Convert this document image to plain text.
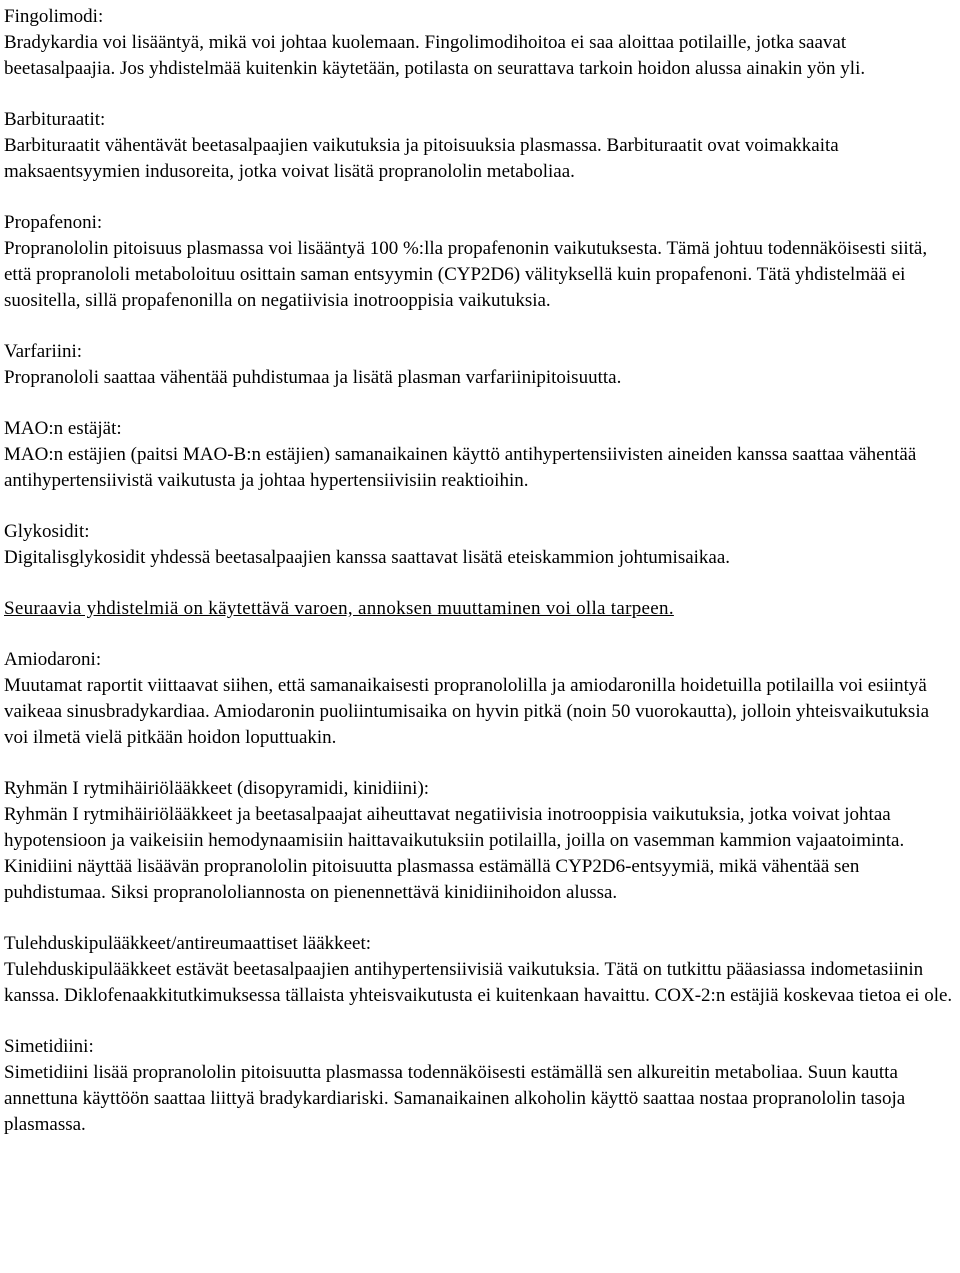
Fingolimodi:
Bradykardia voi lisääntyä, mikä voi johtaa kuolemaan. Fingolimodihoitoa ei saa aloittaa potilaille, jotka saavat beetasalpaajia. Jos yhdistelmää kuitenkin käytetään, potilasta on seurattava tarkoin hoidon alussa ainakin yön yli.
Barbituraatit:
Barbituraatit vähentävät beetasalpaajien vaikutuksia ja pitoisuuksia plasmassa. Barbituraatit ovat voimakkaita maksaentsyymien indusoreita, jotka voivat lisätä propranololin metaboliaa.
Propafenoni:
Propranololin pitoisuus plasmassa voi lisääntyä 100 %:lla propafenonin vaikutuksesta. Tämä johtuu todennäköisesti siitä, että propranololi metaboloituu osittain saman entsyymin (CYP2D6) välityksellä kuin propafenoni. Tätä yhdistelmää ei suositella, sillä propafenonilla on negatiivisia inotrooppisia vaikutuksia.
Varfariini:
Propranololi saattaa vähentää puhdistumaa ja lisätä plasman varfariinipitoisuutta.
MAO:n estäjät:
MAO:n estäjien (paitsi MAO-B:n estäjien) samanaikainen käyttö antihypertensiivisten aineiden kanssa saattaa vähentää antihypertensiivistä vaikutusta ja johtaa hypertensiivisiin reaktioihin.
Glykosidit:
Digitalisglykosidit yhdessä beetasalpaajien kanssa saattavat lisätä eteiskammion johtumisaikaa.
Seuraavia yhdistelmiä on käytettävä varoen, annoksen muuttaminen voi olla tarpeen.
Amiodaroni:
Muutamat raportit viittaavat siihen, että samanaikaisesti propranololilla ja amiodaronilla hoidetuilla potilailla voi esiintyä vaikeaa sinusbradykardiaa. Amiodaronin puoliintumisaika on hyvin pitkä (noin 50 vuorokautta), jolloin yhteisvaikutuksia voi ilmetä vielä pitkään hoidon loputtuakin.
Ryhmän I rytmihäiriölääkkeet (disopyramidi, kinidiini):
Ryhmän I rytmihäiriölääkkeet ja beetasalpaajat aiheuttavat negatiivisia inotrooppisia vaikutuksia, jotka voivat johtaa hypotensioon ja vaikeisiin hemodynaamisiin haittavaikutuksiin potilailla, joilla on vasemman kammion vajaatoiminta. Kinidiini näyttää lisäävän propranololin pitoisuutta plasmassa estämällä CYP2D6-entsyymiä, mikä vähentää sen puhdistumaa. Siksi propranololiannosta on pienennettävä kinidiinihoidon alussa.
Tulehduskipulääkkeet/antireumaattiset lääkkeet:
Tulehduskipulääkkeet estävät beetasalpaajien antihypertensiivisiä vaikutuksia. Tätä on tutkittu pääasiassa indometasiinin kanssa. Diklofenaakkitutkimuksessa tällaista yhteisvaikutusta ei kuitenkaan havaittu. COX-2:n estäjiä koskevaa tietoa ei ole.
Simetidiini:
Simetidiini lisää propranololin pitoisuutta plasmassa todennäköisesti estämällä sen alkureitin metaboliaa. Suun kautta annettuna käyttöön saattaa liittyä bradykardiariski. Samanaikainen alkoholin käyttö saattaa nostaa propranololin tasoja plasmassa.
